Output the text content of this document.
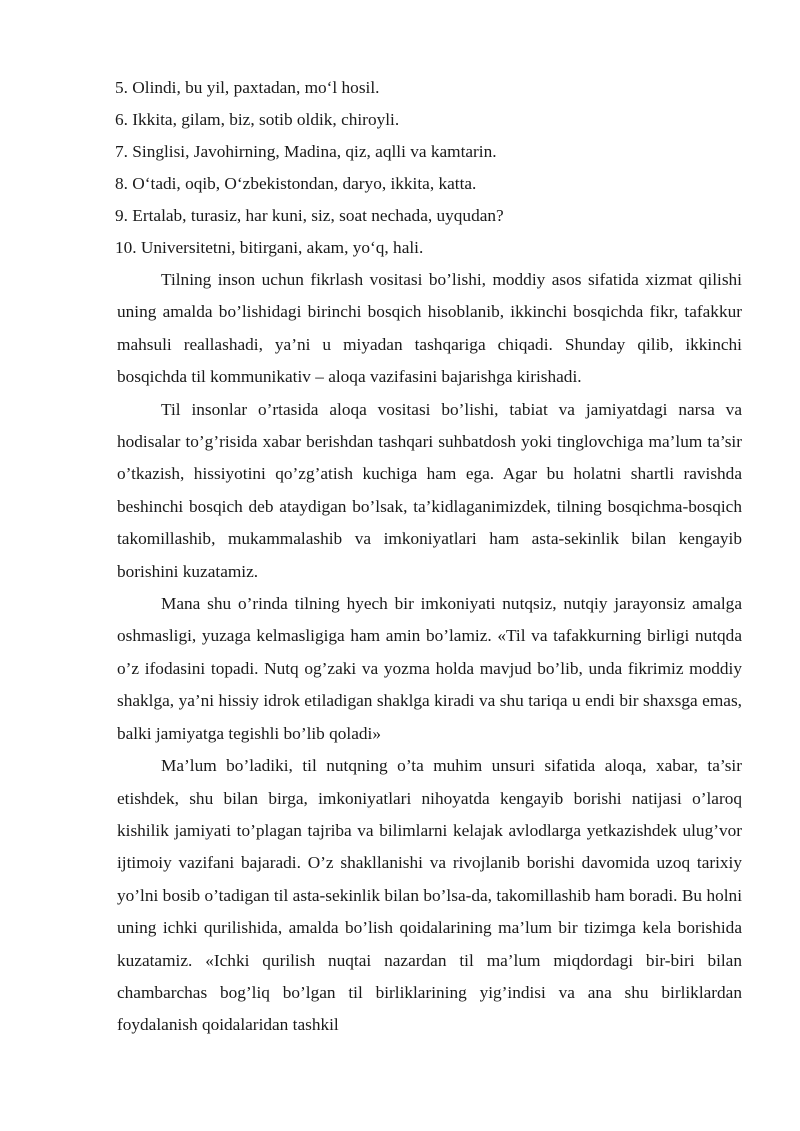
5. Olindi, bu yil, paxtadan, mo‘l hosil.
6. Ikkita, gilam, biz, sotib oldik, chiroyli.
7. Singlisi, Javohirning, Madina, qiz, aqlli va kamtarin.
8. O‘tadi, oqib, O‘zbekistondan, daryo, ikkita, katta.
9. Ertalab, turasiz, har kuni, siz, soat nechada, uyqudan?
10. Universitetni, bitirgani, akam, yo‘q, hali.

Tilning inson uchun fikrlash vositasi bo’lishi, moddiy asos sifatida xizmat qilishi uning amalda bo’lishidagi birinchi bosqich hisoblanib, ikkinchi bosqichda fikr, tafakkur mahsuli reallashadi, ya’ni u miyadan tashqariga chiqadi. Shunday qilib, ikkinchi bosqichda til kommunikativ – aloqa vazifasini bajarishga kirishadi.

Til insonlar o’rtasida aloqa vositasi bo’lishi, tabiat va jamiyatdagi narsa va hodisalar to’g’risida xabar berishdan tashqari suhbatdosh yoki tinglovchiga ma’lum ta’sir o’tkazish, hissiyotini qo’zg’atish kuchiga ham ega. Agar bu holatni shartli ravishda beshinchi bosqich deb ataydigan bo’lsak, ta’kidlaganimizdek, tilning bosqichma-bosqich takomillashib, mukammalashib va imkoniyatlari ham asta-sekinlik bilan kengayib borishini kuzatamiz.

Mana shu o’rinda tilning hyech bir imkoniyati nutqsiz, nutqiy jarayonsiz amalga oshmasligi, yuzaga kelmasligiga ham amin bo’lamiz. «Til va tafakkurning birligi nutqda o’z ifodasini topadi. Nutq og’zaki va yozma holda mavjud bo’lib, unda fikrimiz moddiy shaklga, ya’ni hissiy idrok etiladigan shaklga kiradi va shu tariqa u endi bir shaxsga emas, balki jamiyatga tegishli bo’lib qoladi»

Ma’lum bo’ladiki, til nutqning o’ta muhim unsuri sifatida aloqa, xabar, ta’sir etishdek, shu bilan birga, imkoniyatlari nihoyatda kengayib borishi natijasi o’laroq kishilik jamiyati to’plagan tajriba va bilimlarni kelajak avlodlarga yetkazishdek ulug’vor ijtimoiy vazifani bajaradi. O’z shakllanishi va rivojlanib borishi davomida uzoq tarixiy yo’lni bosib o’tadigan til asta-sekinlik bilan bo’lsa-da, takomillashib ham boradi. Bu holni uning ichki qurilishida, amalda bo’lish qoidalarining ma’lum bir tizimga kela borishida kuzatamiz. «Ichki qurilish nuqtai nazardan til ma’lum miqdordagi bir-biri bilan chambarchas bog’liq bo’lgan til birliklarining yig’indisi va ana shu birliklardan foydalanish qoidalaridan tashkil
